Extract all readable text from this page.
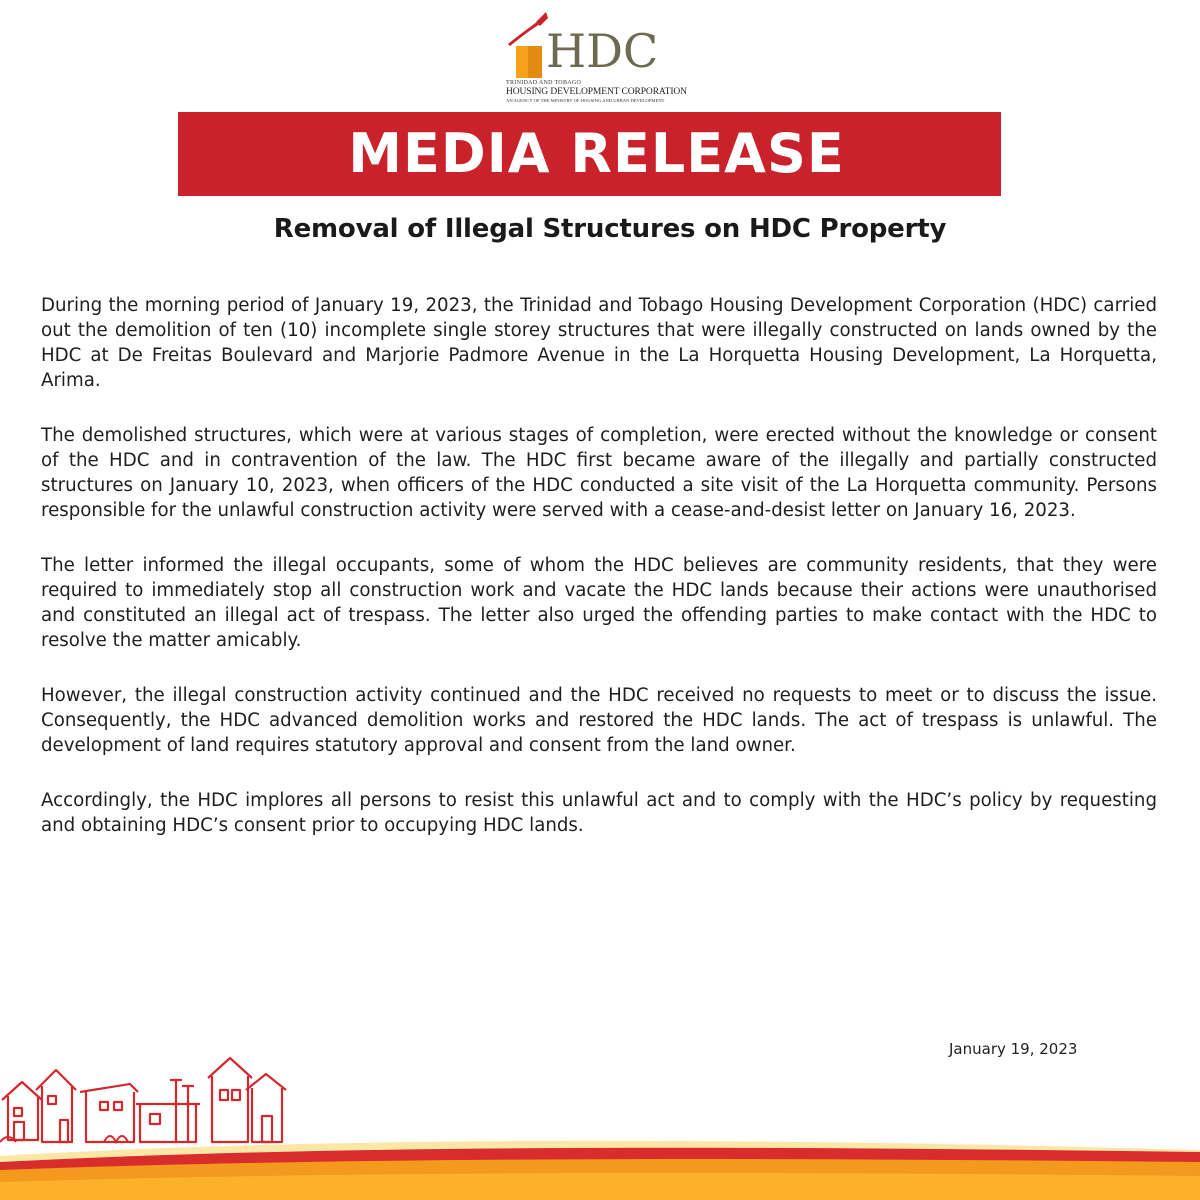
HDC
TRINIDAD AND TOBAGO
HOUSING DEVELOPMENT CORPORATION
AN AGENCY OF THE MINISTRY OF HOUSING AND URBAN DEVELOPMENT
MEDIA RELEASE
Removal of Illegal Structures on HDC Property

During the morning period of January 19, 2023, the Trinidad and Tobago Housing Development Corporation (HDC) carried out the demolition of ten (10) incomplete single storey structures that were illegally constructed on lands owned by the HDC at De Freitas Boulevard and Marjorie Padmore Avenue in the La Horquetta Housing Development, La Horquetta, Arima.

The demolished structures, which were at various stages of completion, were erected without the knowledge or consent of the HDC and in contravention of the law. The HDC first became aware of the illegally and partially constructed structures on January 10, 2023, when officers of the HDC conducted a site visit of the La Horquetta community. Persons responsible for the unlawful construction activity were served with a cease-and-desist letter on January 16, 2023.

The letter informed the illegal occupants, some of whom the HDC believes are community residents, that they were required to immediately stop all construction work and vacate the HDC lands because their actions were unauthorised and constituted an illegal act of trespass. The letter also urged the offending parties to make contact with the HDC to resolve the matter amicably.

However, the illegal construction activity continued and the HDC received no requests to meet or to discuss the issue. Consequently, the HDC advanced demolition works and restored the HDC lands. The act of trespass is unlawful. The development of land requires statutory approval and consent from the land owner.

Accordingly, the HDC implores all persons to resist this unlawful act and to comply with the HDC’s policy by requesting and obtaining HDC’s consent prior to occupying HDC lands.

January 19, 2023
